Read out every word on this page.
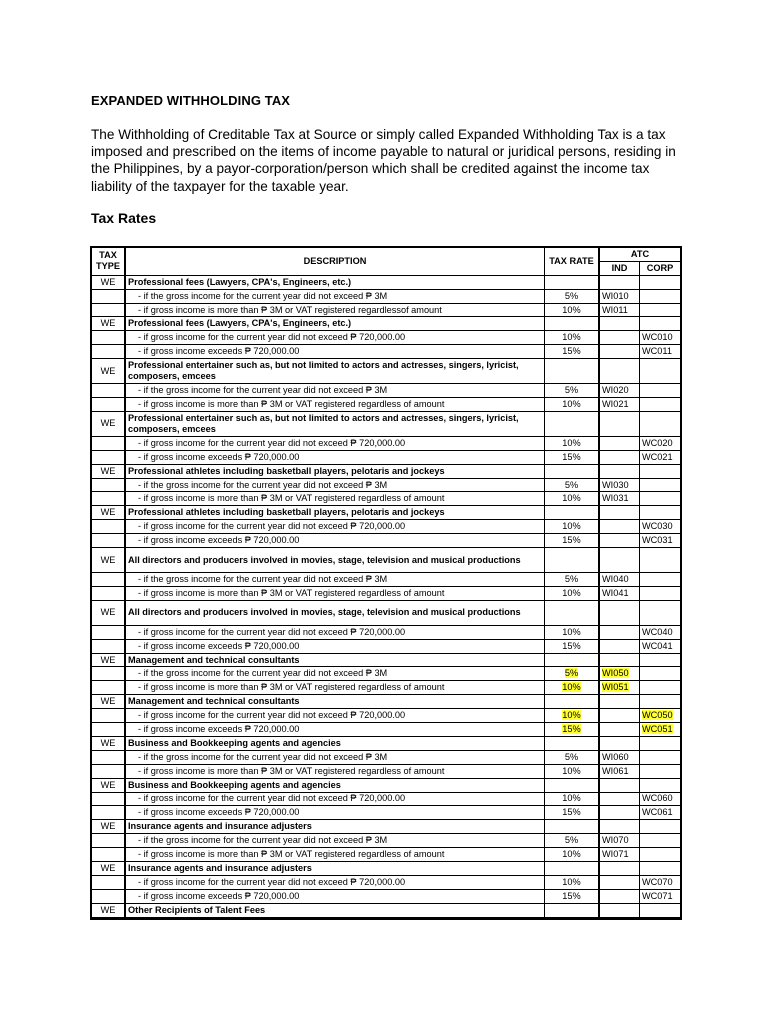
EXPANDED WITHHOLDING TAX
The Withholding of Creditable Tax at Source or simply called Expanded Withholding Tax is a tax imposed and prescribed on the items of income payable to natural or juridical persons, residing in the Philippines, by a payor-corporation/person which shall be credited against the income tax liability of the taxpayer for the taxable year.
Tax Rates
TAX TYPE	DESCRIPTION	TAX RATE	ATC	
			IND	CORP
WE	Professional fees (Lawyers, CPA's, Engineers, etc.)			
	- if the gross income for the current year did not exceed ₱ 3M	5%	WI010	
	- if gross income is more than ₱ 3M or VAT registered regardlessof amount	10%	WI011	
WE	Professional fees (Lawyers, CPA's, Engineers, etc.)			
	- if gross income for the current year did not exceed ₱ 720,000.00	10%		WC010
	- if gross income exceeds ₱ 720,000.00	15%		WC011
WE	Professional entertainer such as, but not limited to actors and actresses, singers, lyricist, composers, emcees			
	- if the gross income for the current year did not exceed ₱ 3M	5%	WI020	
	- if gross income is more than ₱ 3M or VAT registered regardless of amount	10%	WI021	
WE	Professional entertainer such as, but not limited to actors and actresses, singers, lyricist, composers, emcees			
	- if gross income for the current year did not exceed ₱ 720,000.00	10%		WC020
	- if gross income exceeds ₱ 720,000.00	15%		WC021
WE	Professional athletes including basketball players, pelotaris and jockeys			
	- if the gross income for the current year did not exceed ₱ 3M	5%	WI030	
	- if gross income is more than ₱ 3M or VAT registered regardless of amount	10%	WI031	
WE	Professional athletes including basketball players, pelotaris and jockeys			
	- if gross income for the current year did not exceed ₱ 720,000.00	10%		WC030
	- if gross income exceeds ₱ 720,000.00	15%		WC031
WE	All directors and producers involved in movies, stage, television and musical productions			
	- if the gross income for the current year did not exceed ₱ 3M	5%	WI040	
	- if gross income is more than ₱ 3M or VAT registered regardless of amount	10%	WI041	
WE	All directors and producers involved in movies, stage, television and musical productions			
	- if gross income for the current year did not exceed ₱ 720,000.00	10%		WC040
	- if gross income exceeds ₱ 720,000.00	15%		WC041
WE	Management and technical consultants			
	- if the gross income for the current year did not exceed ₱ 3M	5%	WI050	
	- if gross income is more than ₱ 3M or VAT registered regardless of amount	10%	WI051	
WE	Management and technical consultants			
	- if gross income for the current year did not exceed ₱ 720,000.00	10%		WC050
	- if gross income exceeds ₱ 720,000.00	15%		WC051
WE	Business and Bookkeeping agents and agencies			
	- if the gross income for the current year did not exceed ₱ 3M	5%	WI060	
	- if gross income is more than ₱ 3M or VAT registered regardless of amount	10%	WI061	
WE	Business and Bookkeeping agents and agencies			
	- if gross income for the current year did not exceed ₱ 720,000.00	10%		WC060
	- if gross income exceeds ₱ 720,000.00	15%		WC061
WE	Insurance agents and insurance adjusters			
	- if the gross income for the current year did not exceed ₱ 3M	5%	WI070	
	- if gross income is more than ₱ 3M or VAT registered regardless of amount	10%	WI071	
WE	Insurance agents and insurance adjusters			
	- if gross income for the current year did not exceed ₱ 720,000.00	10%		WC070
	- if gross income exceeds ₱ 720,000.00	15%		WC071
WE	Other Recipients of Talent Fees			
